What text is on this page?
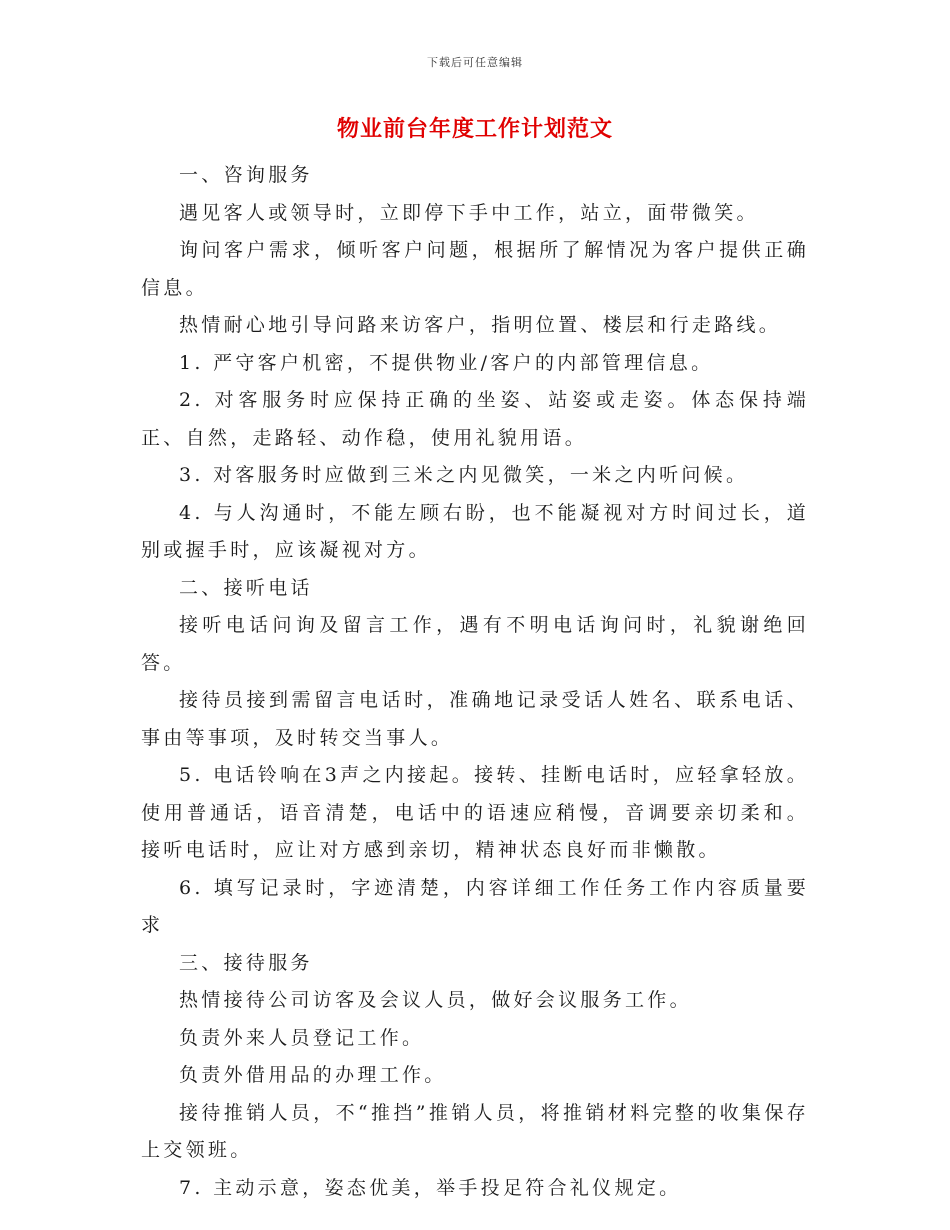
下载后可任意编辑
物业前台年度工作计划范文

一、咨询服务

遇见客人或领导时，立即停下手中工作，站立，面带微笑。

询问客户需求，倾听客户问题，根据所了解情况为客户提供正确信息。

热情耐心地引导问路来访客户，指明位置、楼层和行走路线。

1. 严守客户机密，不提供物业/客户的内部管理信息。

2. 对客服务时应保持正确的坐姿、站姿或走姿。体态保持端正、自然，走路轻、动作稳，使用礼貌用语。

3. 对客服务时应做到三米之内见微笑，一米之内听问候。

4. 与人沟通时，不能左顾右盼，也不能凝视对方时间过长，道别或握手时，应该凝视对方。

二、接听电话

接听电话问询及留言工作，遇有不明电话询问时，礼貌谢绝回答。

接待员接到需留言电话时，准确地记录受话人姓名、联系电话、事由等事项，及时转交当事人。

5. 电话铃响在3声之内接起。接转、挂断电话时，应轻拿轻放。使用普通话，语音清楚，电话中的语速应稍慢，音调要亲切柔和。接听电话时，应让对方感到亲切，精神状态良好而非懒散。

6. 填写记录时，字迹清楚，内容详细工作任务工作内容质量要求

三、接待服务

热情接待公司访客及会议人员，做好会议服务工作。

负责外来人员登记工作。

负责外借用品的办理工作。

接待推销人员，不“推挡”推销人员，将推销材料完整的收集保存上交领班。

7. 主动示意，姿态优美，举手投足符合礼仪规定。
